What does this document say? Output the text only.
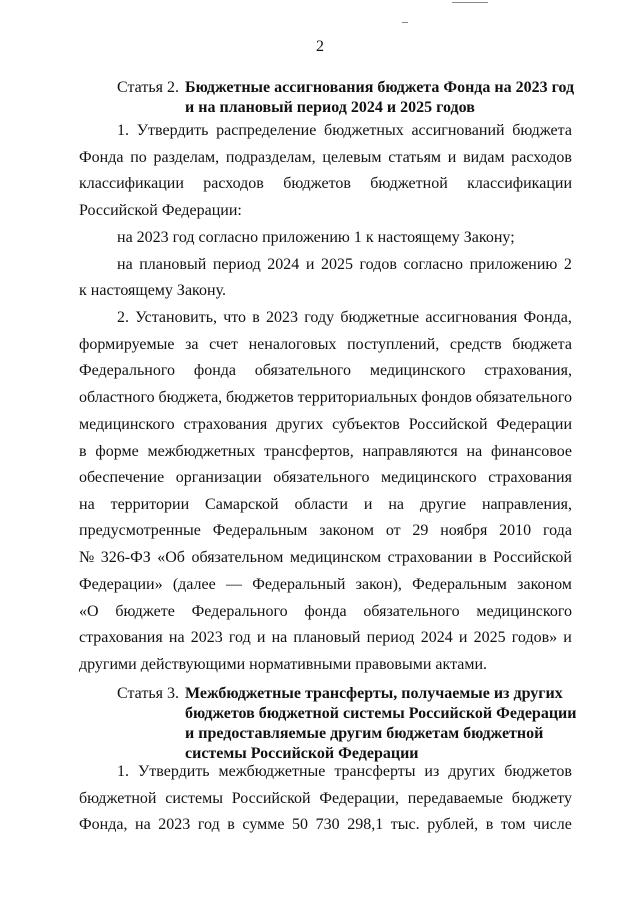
2
Статья 2. Бюджетные ассигнования бюджета Фонда на 2023 год
и на плановый период 2024 и 2025 годов
1. Утвердить распределение бюджетных ассигнований бюджета
Фонда по разделам, подразделам, целевым статьям и видам расходов
классификации расходов бюджетов бюджетной классификации
Российской Федерации:
на 2023 год согласно приложению 1 к настоящему Закону;
на плановый период 2024 и 2025 годов согласно приложению 2
к настоящему Закону.
2. Установить, что в 2023 году бюджетные ассигнования Фонда,
формируемые за счет неналоговых поступлений, средств бюджета
Федерального фонда обязательного медицинского страхования,
областного бюджета, бюджетов территориальных фондов обязательного
медицинского страхования других субъектов Российской Федерации
в форме межбюджетных трансфертов, направляются на финансовое
обеспечение организации обязательного медицинского страхования
на территории Самарской области и на другие направления,
предусмотренные Федеральным законом от 29 ноября 2010 года
№ 326-ФЗ «Об обязательном медицинском страховании в Российской
Федерации» (далее — Федеральный закон), Федеральным законом
«О бюджете Федерального фонда обязательного медицинского
страхования на 2023 год и на плановый период 2024 и 2025 годов» и
другими действующими нормативными правовыми актами.
Статья 3. Межбюджетные трансферты, получаемые из других
бюджетов бюджетной системы Российской Федерации
и предоставляемые другим бюджетам бюджетной
системы Российской Федерации
1. Утвердить межбюджетные трансферты из других бюджетов
бюджетной системы Российской Федерации, передаваемые бюджету
Фонда, на 2023 год в сумме 50 730 298,1 тыс. рублей, в том числе
